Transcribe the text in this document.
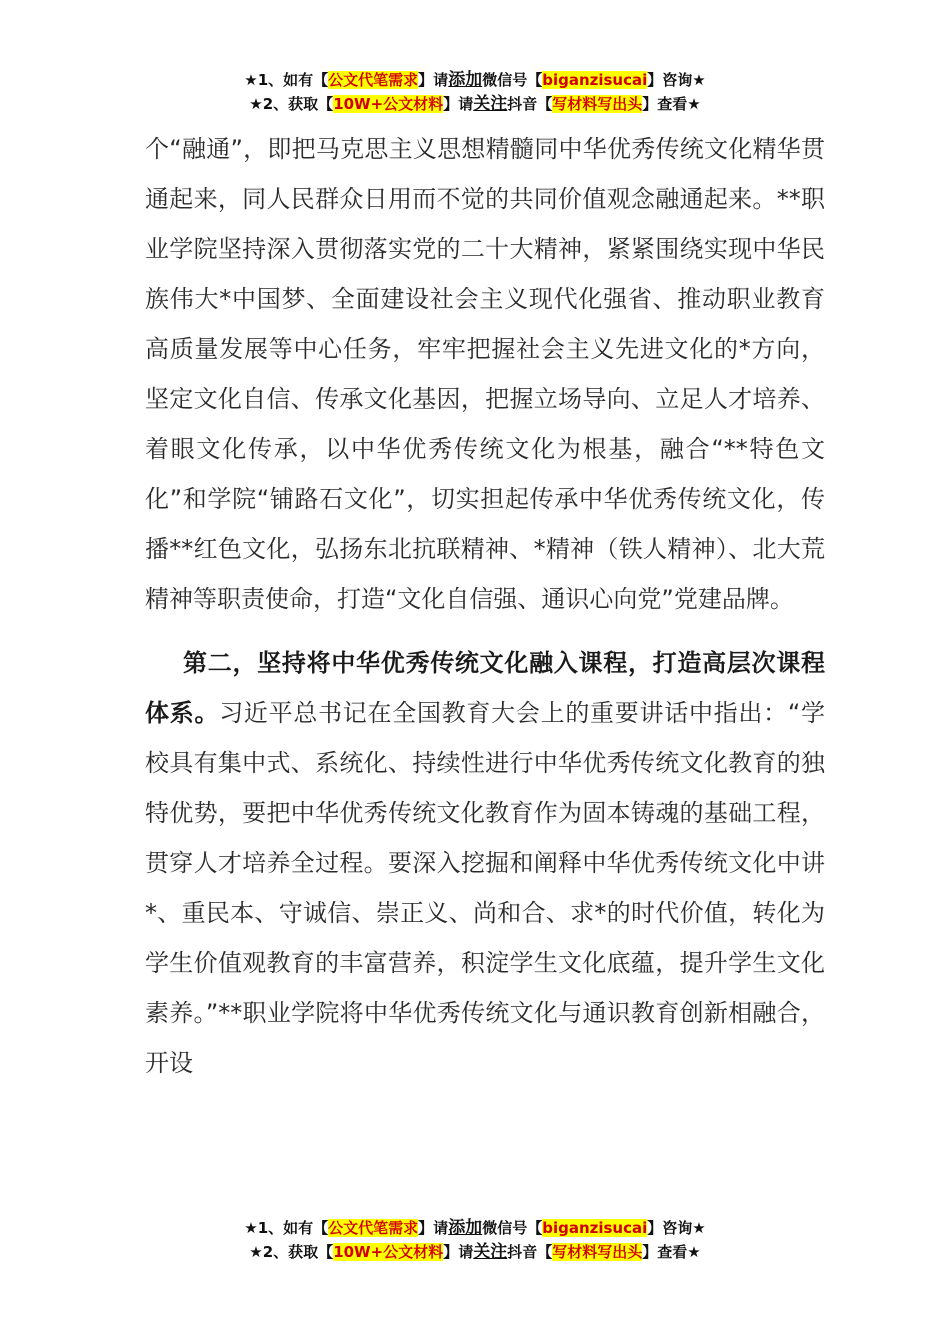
★1、如有【公文代笔需求】请添加微信号【biganzisucai】咨询★
★2、获取【10W+公文材料】请关注抖音【写材料写出头】查看★

个“融通”，即把马克思主义思想精髓同中华优秀传统文化精华贯通起来，同人民群众日用而不觉的共同价值观念融通起来。**职业学院坚持深入贯彻落实党的二十大精神，紧紧围绕实现中华民族伟大*中国梦、全面建设社会主义现代化强省、推动职业教育高质量发展等中心任务，牢牢把握社会主义先进文化的*方向，坚定文化自信、传承文化基因，把握立场导向、立足人才培养、着眼文化传承，以中华优秀传统文化为根基，融合“**特色文化”和学院“铺路石文化”，切实担起传承中华优秀传统文化，传播**红色文化，弘扬东北抗联精神、*精神（铁人精神）、北大荒精神等职责使命，打造“文化自信强、通识心向党”党建品牌。

第二，坚持将中华优秀传统文化融入课程，打造高层次课程体系。习近平总书记在全国教育大会上的重要讲话中指出：“学校具有集中式、系统化、持续性进行中华优秀传统文化教育的独特优势，要把中华优秀传统文化教育作为固本铸魂的基础工程，贯穿人才培养全过程。要深入挖掘和阐释中华优秀传统文化中讲*、重民本、守诚信、崇正义、尚和合、求*的时代价值，转化为学生价值观教育的丰富营养，积淀学生文化底蕴，提升学生文化素养。”**职业学院将中华优秀传统文化与通识教育创新相融合，开设

★1、如有【公文代笔需求】请添加微信号【biganzisucai】咨询★
★2、获取【10W+公文材料】请关注抖音【写材料写出头】查看★
